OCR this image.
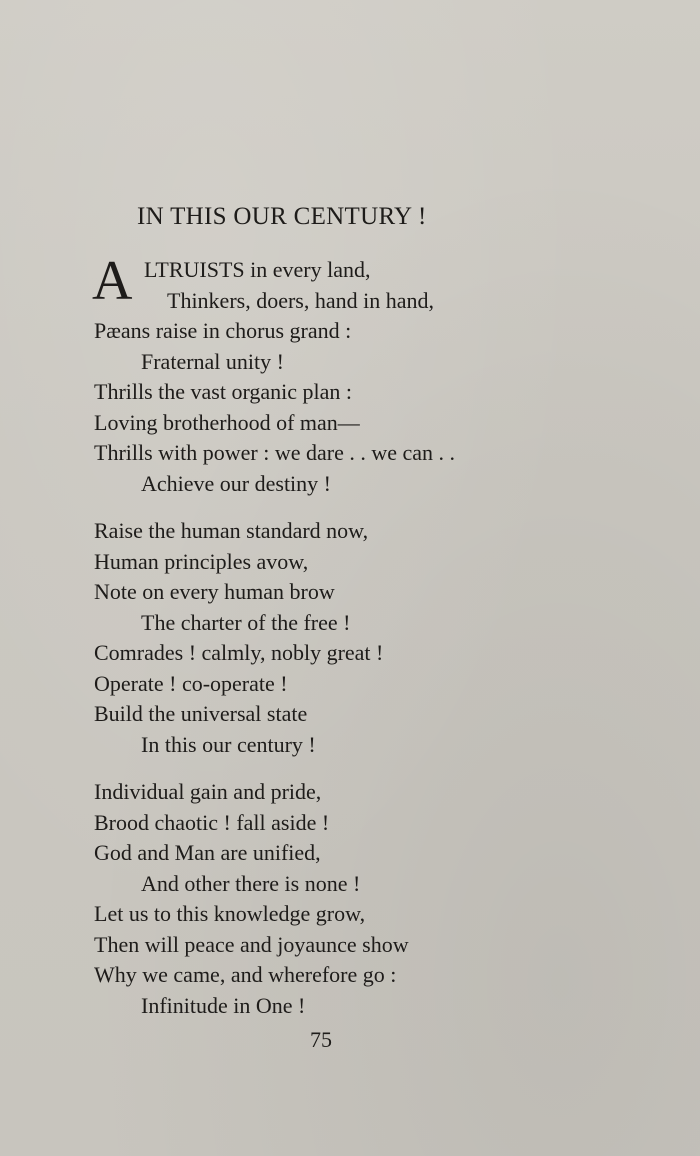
IN THIS OUR CENTURY !
A LTRUISTS in every land,
Thinkers, doers, hand in hand,
Pæans raise in chorus grand :
Fraternal unity !
Thrills the vast organic plan :
Loving brotherhood of man—
Thrills with power : we dare . . we can . .
Achieve our destiny !
Raise the human standard now,
Human principles avow,
Note on every human brow
The charter of the free !
Comrades ! calmly, nobly great !
Operate ! co-operate !
Build the universal state
In this our century !
Individual gain and pride,
Brood chaotic ! fall aside !
God and Man are unified,
And other there is none !
Let us to this knowledge grow,
Then will peace and joyaunce show
Why we came, and wherefore go :
Infinitude in One !
75
